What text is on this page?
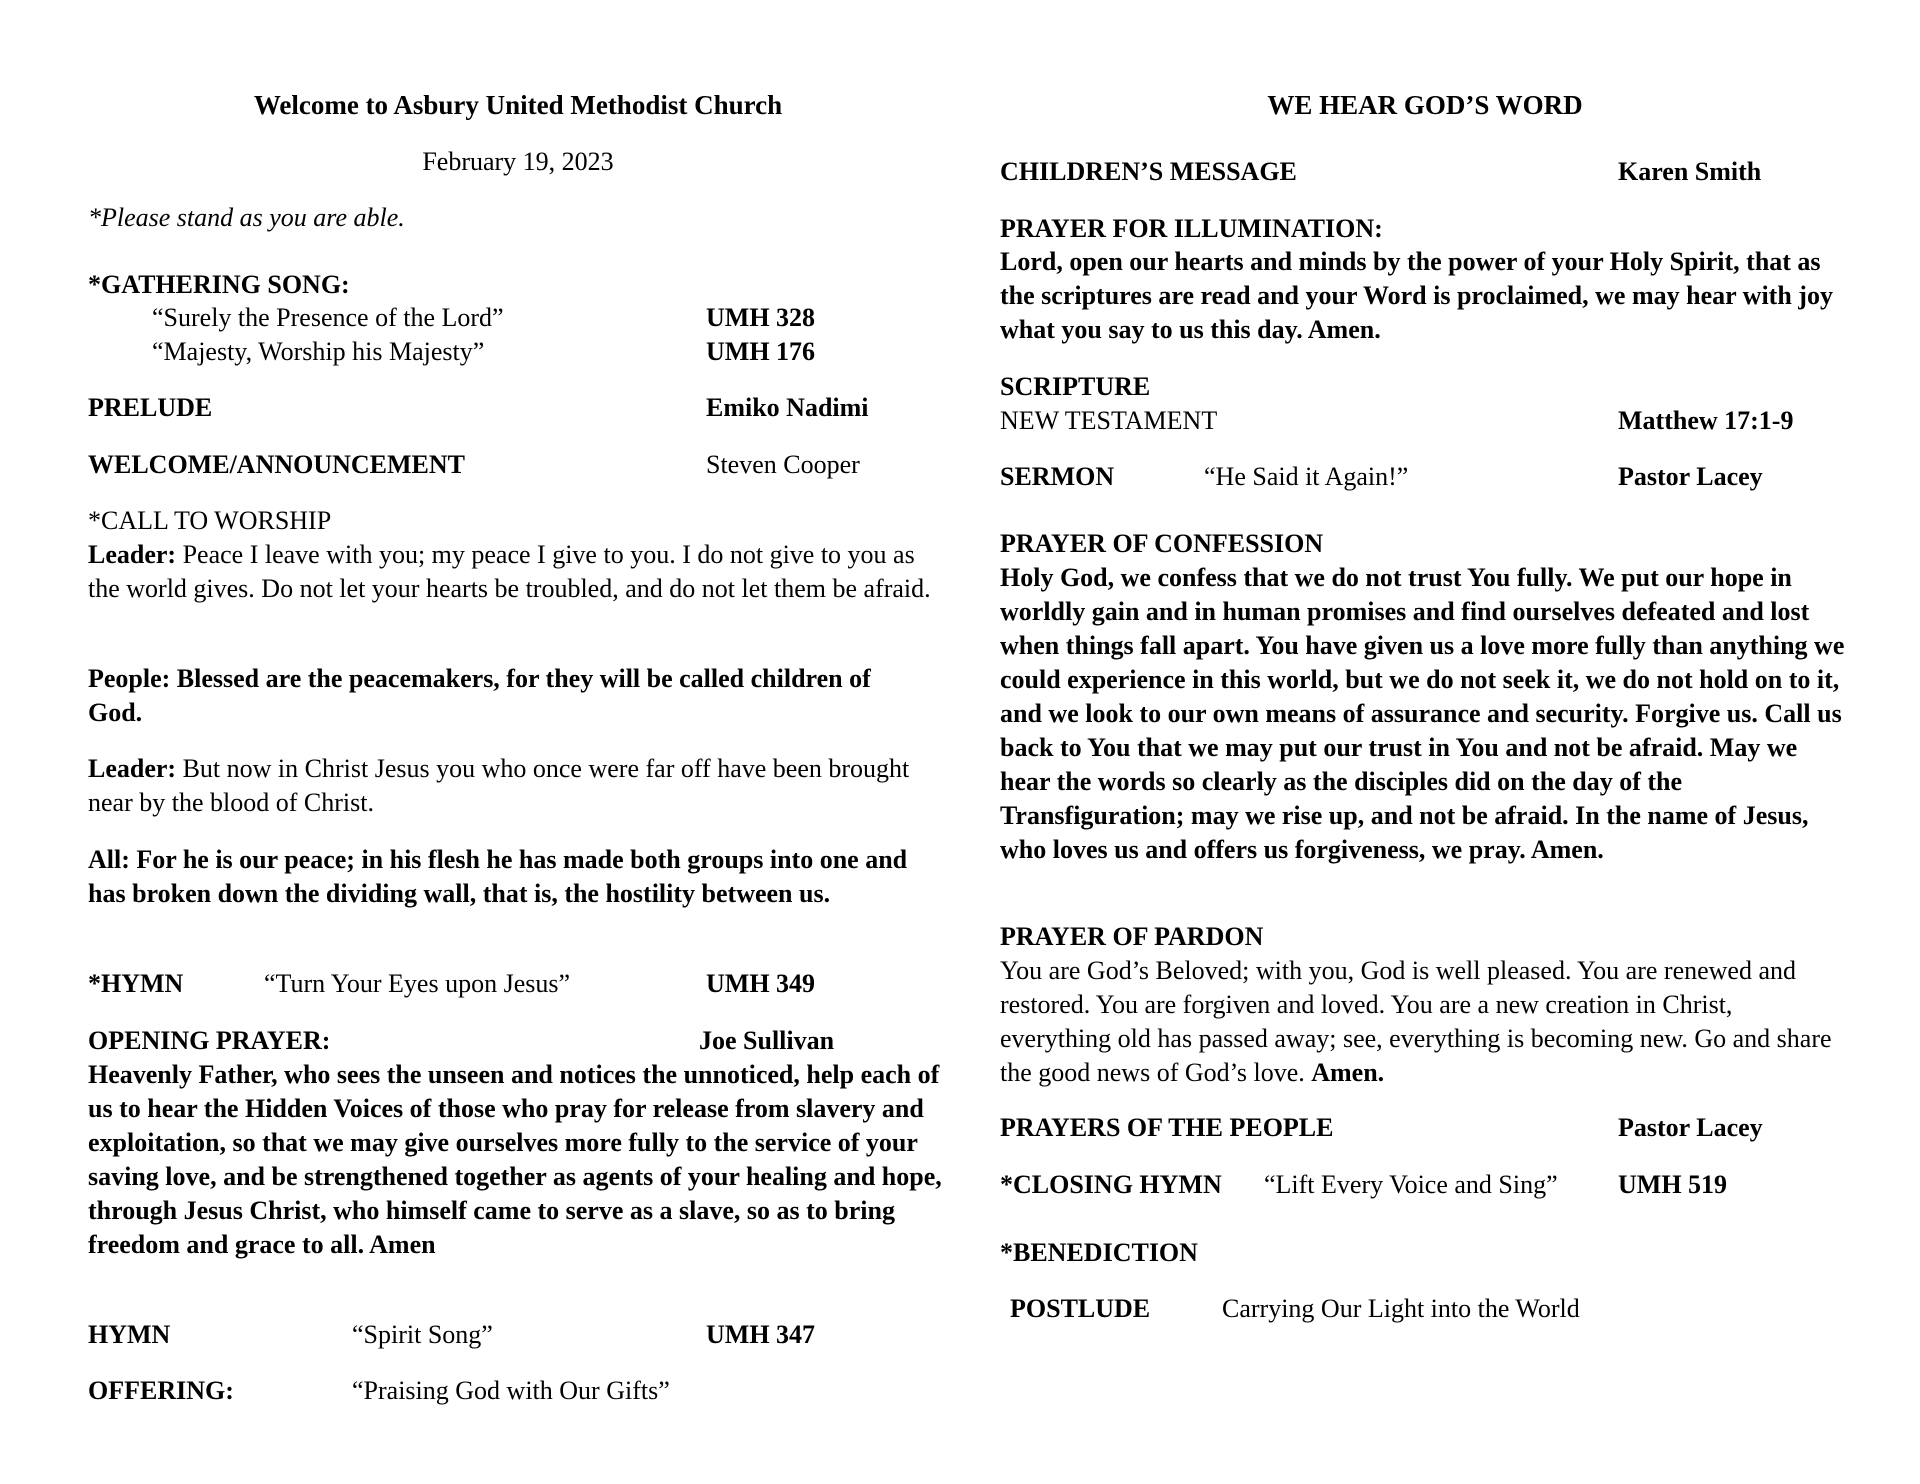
Welcome to Asbury United Methodist Church
February 19, 2023
*Please stand as you are able.
*GATHERING SONG:
“Surely the Presence of the Lord”	UMH 328
“Majesty, Worship his Majesty”	UMH 176
PRELUDE	Emiko Nadimi
WELCOME/ANNOUNCEMENT	Steven Cooper
*CALL TO WORSHIP
Leader: Peace I leave with you; my peace I give to you. I do not give to you as the world gives. Do not let your hearts be troubled, and do not let them be afraid.
People: Blessed are the peacemakers, for they will be called children of God.
Leader: But now in Christ Jesus you who once were far off have been brought near by the blood of Christ.
All: For he is our peace; in his flesh he has made both groups into one and has broken down the dividing wall, that is, the hostility between us.
*HYMN	“Turn Your Eyes upon Jesus”	UMH 349
OPENING PRAYER:	Joe Sullivan
Heavenly Father, who sees the unseen and notices the unnoticed, help each of us to hear the Hidden Voices of those who pray for release from slavery and exploitation, so that we may give ourselves more fully to the service of your saving love, and be strengthened together as agents of your healing and hope, through Jesus Christ, who himself came to serve as a slave, so as to bring freedom and grace to all. Amen
HYMN	“Spirit Song”	UMH 347
OFFERING:	“Praising God with Our Gifts”
WE HEAR GOD’S WORD
CHILDREN’S MESSAGE	Karen Smith
PRAYER FOR ILLUMINATION:
Lord, open our hearts and minds by the power of your Holy Spirit, that as the scriptures are read and your Word is proclaimed, we may hear with joy what you say to us this day. Amen.
SCRIPTURE
NEW TESTAMENT	Matthew 17:1-9
SERMON	“He Said it Again!”	Pastor Lacey
PRAYER OF CONFESSION
Holy God, we confess that we do not trust You fully. We put our hope in worldly gain and in human promises and find ourselves defeated and lost when things fall apart. You have given us a love more fully than anything we could experience in this world, but we do not seek it, we do not hold on to it, and we look to our own means of assurance and security. Forgive us. Call us back to You that we may put our trust in You and not be afraid. May we hear the words so clearly as the disciples did on the day of the Transfiguration; may we rise up, and not be afraid. In the name of Jesus, who loves us and offers us forgiveness, we pray. Amen.
PRAYER OF PARDON
You are God’s Beloved; with you, God is well pleased. You are renewed and restored. You are forgiven and loved. You are a new creation in Christ, everything old has passed away; see, everything is becoming new. Go and share the good news of God’s love. Amen.
PRAYERS OF THE PEOPLE	Pastor Lacey
*CLOSING HYMN “Lift Every Voice and Sing” UMH 519
*BENEDICTION
POSTLUDE	Carrying Our Light into the World
